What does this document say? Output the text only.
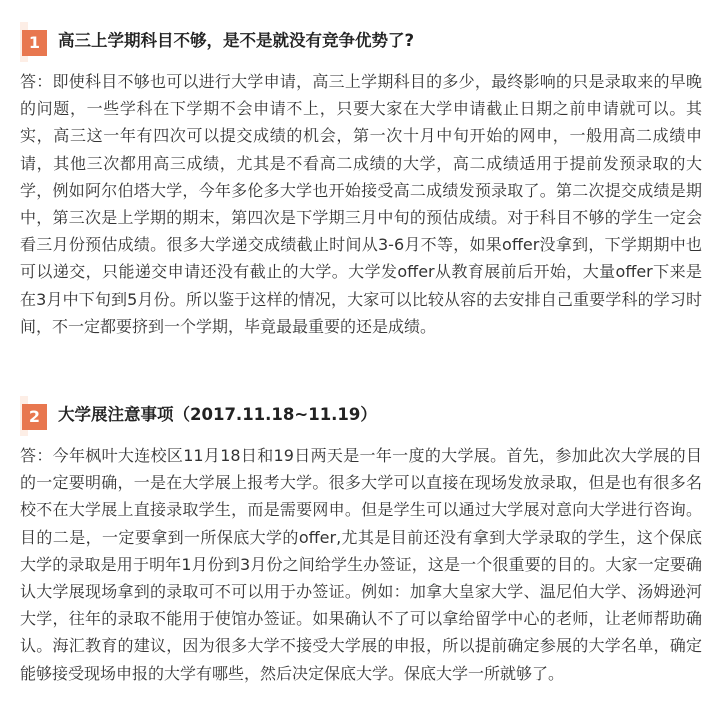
1	高三上学期科目不够，是不是就没有竞争优势了?
答：即使科目不够也可以进行大学申请，高三上学期科目的多少，最终影响的只是录取来的早晚的问题，一些学科在下学期不会申请不上，只要大家在大学申请截止日期之前申请就可以。其实，高三这一年有四次可以提交成绩的机会，第一次十月中旬开始的网申，一般用高二成绩申请，其他三次都用高三成绩，尤其是不看高二成绩的大学，高二成绩适用于提前发预录取的大学，例如阿尔伯塔大学，今年多伦多大学也开始接受高二成绩发预录取了。第二次提交成绩是期中，第三次是上学期的期末，第四次是下学期三月中旬的预估成绩。对于科目不够的学生一定会看三月份预估成绩。很多大学递交成绩截止时间从3-6月不等，如果offer没拿到，下学期期中也可以递交，只能递交申请还没有截止的大学。大学发offer从教育展前后开始，大量offer下来是在3月中下旬到5月份。所以鉴于这样的情况，大家可以比较从容的去安排自己重要学科的学习时间，不一定都要挤到一个学期，毕竟最最重要的还是成绩。
2	大学展注意事项（2017.11.18~11.19）
答：今年枫叶大连校区11月18日和19日两天是一年一度的大学展。首先，参加此次大学展的目的一定要明确，一是在大学展上报考大学。很多大学可以直接在现场发放录取，但是也有很多名校不在大学展上直接录取学生，而是需要网申。但是学生可以通过大学展对意向大学进行咨询。目的二是，一定要拿到一所保底大学的offer,尤其是目前还没有拿到大学录取的学生，这个保底大学的录取是用于明年1月份到3月份之间给学生办签证，这是一个很重要的目的。大家一定要确认大学展现场拿到的录取可不可以用于办签证。例如：加拿大皇家大学、温尼伯大学、汤姆逊河大学，往年的录取不能用于使馆办签证。如果确认不了可以拿给留学中心的老师，让老师帮助确认。海汇教育的建议，因为很多大学不接受大学展的申报，所以提前确定参展的大学名单，确定能够接受现场申报的大学有哪些，然后决定保底大学。保底大学一所就够了。
